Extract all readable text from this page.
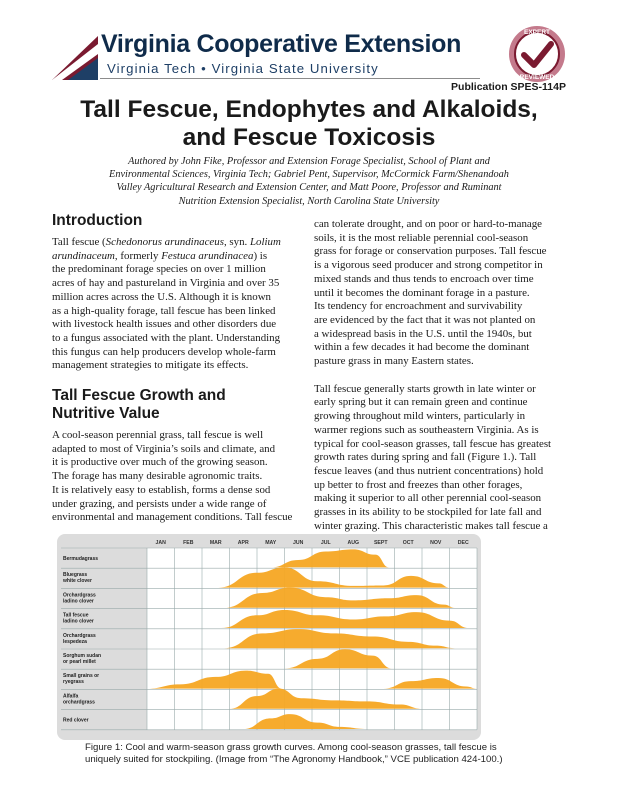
Virginia Cooperative Extension
Virginia Tech • Virginia State University
EXPERT
REVIEWED
Publication SPES-114P
Tall Fescue, Endophytes and Alkaloids,
and Fescue Toxicosis
Authored by John Fike, Professor and Extension Forage Specialist, School of Plant and
Environmental Sciences, Virginia Tech; Gabriel Pent, Supervisor, McCormick Farm/Shenandoah
Valley Agricultural Research and Extension Center, and Matt Poore, Professor and Ruminant
Nutrition Extension Specialist, North Carolina State University
Introduction
Tall fescue (Schedonorus arundinaceus, syn. Lolium
arundinaceum, formerly Festuca arundinacea) is
the predominant forage species on over 1 million
acres of hay and pastureland in Virginia and over 35
million acres across the U.S. Although it is known
as a high-quality forage, tall fescue has been linked
with livestock health issues and other disorders due
to a fungus associated with the plant. Understanding
this fungus can help producers develop whole-farm
management strategies to mitigate its effects.
Tall Fescue Growth and
Nutritive Value
A cool-season perennial grass, tall fescue is well
adapted to most of Virginia’s soils and climate, and
it is productive over much of the growing season.
The forage has many desirable agronomic traits.
It is relatively easy to establish, forms a dense sod
under grazing, and persists under a wide range of
environmental and management conditions. Tall fescue
can tolerate drought, and on poor or hard-to-manage
soils, it is the most reliable perennial cool-season
grass for forage or conservation purposes. Tall fescue
is a vigorous seed producer and strong competitor in
mixed stands and thus tends to encroach over time
until it becomes the dominant forage in a pasture.
Its tendency for encroachment and survivability
are evidenced by the fact that it was not planted on
a widespread basis in the U.S. until the 1940s, but
within a few decades it had become the dominant
pasture grass in many Eastern states.
Tall fescue generally starts growth in late winter or
early spring but it can remain green and continue
growing throughout mild winters, particularly in
warmer regions such as southeastern Virginia. As is
typical for cool-season grasses, tall fescue has greatest
growth rates during spring and fall (Figure 1.). Tall
fescue leaves (and thus nutrient concentrations) hold
up better to frost and freezes than other forages,
making it superior to all other perennial cool-season
grasses in its ability to be stockpiled for late fall and
winter grazing. This characteristic makes tall fescue a
JAN	FEB	MAR	APR	MAY	JUN	JUL	AUG	SEPT	OCT	NOV	DEC
Bermudagrass
Bluegrass
white clover
Orchardgrass
ladino clover
Tall fescue
ladino clover
Orchardgrass
lespedeza
Sorghum sudan
or pearl millet
Small grains or
ryegrass
Alfalfa
orchardgrass
Red clover
Figure 1: Cool and warm-season grass growth curves. Among cool-season grasses, tall fescue is
uniquely suited for stockpiling. (Image from “The Agronomy Handbook,” VCE publication 424-100.)
